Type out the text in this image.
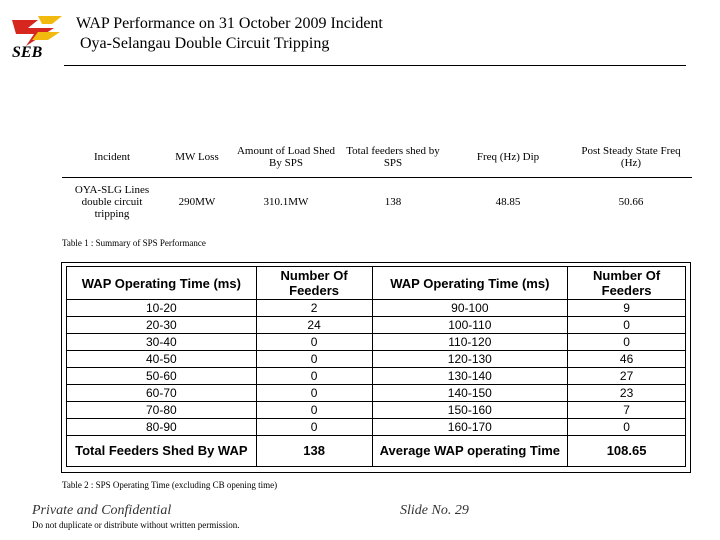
SEB
WAP Performance on 31 October 2009 Incident
Oya-Selangau Double Circuit Tripping
Incident	MW Loss	Amount of Load Shed By SPS	Total feeders shed by SPS	Freq (Hz) Dip	Post Steady State Freq (Hz)
OYA-SLG Lines double circuit tripping	290MW	310.1MW	138	48.85	50.66
Table 1 : Summary of SPS Performance
WAP Operating Time (ms)	Number Of Feeders	WAP Operating Time (ms)	Number Of Feeders
10-20	2	90-100	9
20-30	24	100-110	0
30-40	0	110-120	0
40-50	0	120-130	46
50-60	0	130-140	27
60-70	0	140-150	23
70-80	0	150-160	7
80-90	0	160-170	0
Total Feeders Shed By WAP	138	Average WAP operating Time	108.65
Table 2 : SPS Operating Time (excluding CB opening time)
Private and Confidential
Do not duplicate or distribute without written permission.
Slide No. 29
